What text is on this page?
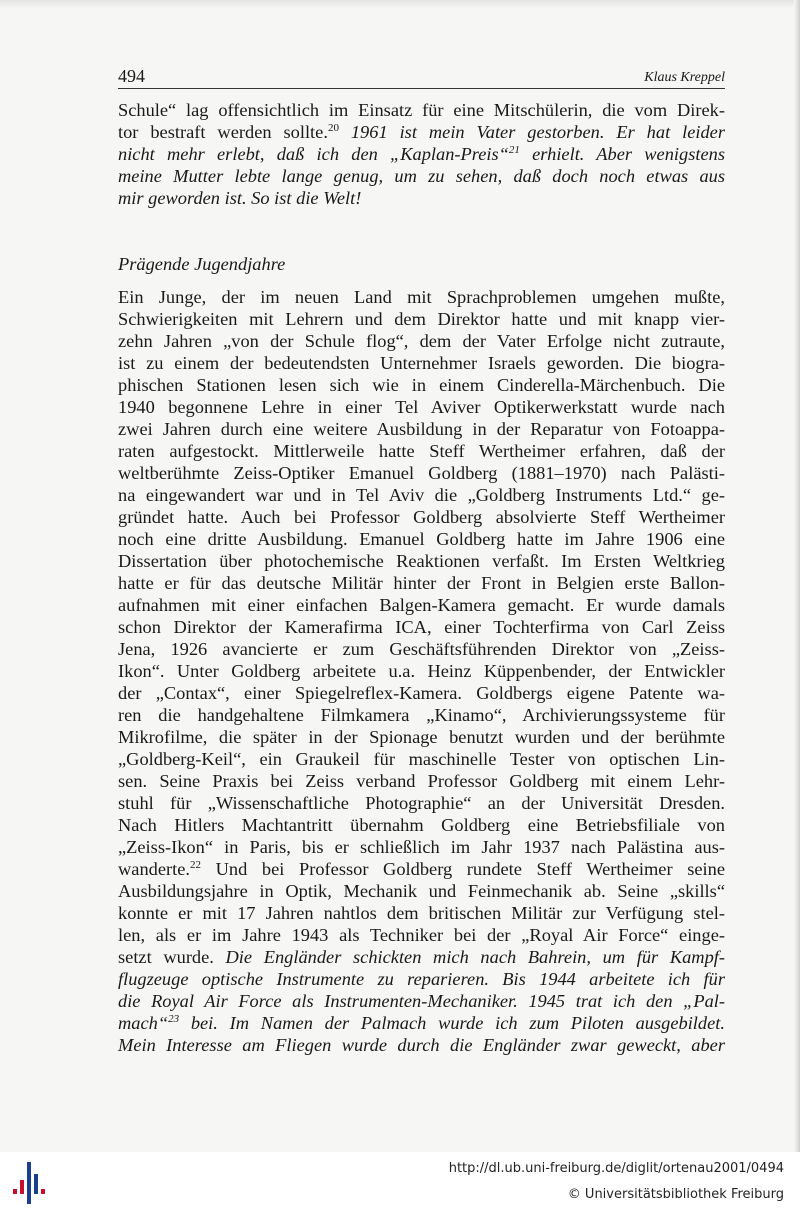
494	Klaus Kreppel
Schule“ lag offensichtlich im Einsatz für eine Mitschülerin, die vom Direk-
tor bestraft werden sollte.$^{20}$ 1961 ist mein Vater gestorben. Er hat leider
nicht mehr erlebt, daß ich den „Kaplan-Preis“$^{21}$ erhielt. Aber wenigstens
meine Mutter lebte lange genug, um zu sehen, daß doch noch etwas aus
mir geworden ist. So ist die Welt!
Prägende Jugendjahre
Ein Junge, der im neuen Land mit Sprachproblemen umgehen mußte,
Schwierigkeiten mit Lehrern und dem Direktor hatte und mit knapp vier-
zehn Jahren „von der Schule flog“, dem der Vater Erfolge nicht zutraute,
ist zu einem der bedeutendsten Unternehmer Israels geworden. Die biogra-
phischen Stationen lesen sich wie in einem Cinderella-Märchenbuch. Die
1940 begonnene Lehre in einer Tel Aviver Optikerwerkstatt wurde nach
zwei Jahren durch eine weitere Ausbildung in der Reparatur von Fotoappa-
raten aufgestockt. Mittlerweile hatte Steff Wertheimer erfahren, daß der
weltberühmte Zeiss-Optiker Emanuel Goldberg (1881–1970) nach Palästi-
na eingewandert war und in Tel Aviv die „Goldberg Instruments Ltd.“ ge-
gründet hatte. Auch bei Professor Goldberg absolvierte Steff Wertheimer
noch eine dritte Ausbildung. Emanuel Goldberg hatte im Jahre 1906 eine
Dissertation über photochemische Reaktionen verfaßt. Im Ersten Weltkrieg
hatte er für das deutsche Militär hinter der Front in Belgien erste Ballon-
aufnahmen mit einer einfachen Balgen-Kamera gemacht. Er wurde damals
schon Direktor der Kamerafirma ICA, einer Tochterfirma von Carl Zeiss
Jena, 1926 avancierte er zum Geschäftsführenden Direktor von „Zeiss-
Ikon“. Unter Goldberg arbeitete u.a. Heinz Küppenbender, der Entwickler
der „Contax“, einer Spiegelreflex-Kamera. Goldbergs eigene Patente wa-
ren die handgehaltene Filmkamera „Kinamo“, Archivierungssysteme für
Mikrofilme, die später in der Spionage benutzt wurden und der berühmte
„Goldberg-Keil“, ein Graukeil für maschinelle Tester von optischen Lin-
sen. Seine Praxis bei Zeiss verband Professor Goldberg mit einem Lehr-
stuhl für „Wissenschaftliche Photographie“ an der Universität Dresden.
Nach Hitlers Machtantritt übernahm Goldberg eine Betriebsfiliale von
„Zeiss-Ikon“ in Paris, bis er schließlich im Jahr 1937 nach Palästina aus-
wanderte.$^{22}$ Und bei Professor Goldberg rundete Steff Wertheimer seine
Ausbildungsjahre in Optik, Mechanik und Feinmechanik ab. Seine „skills“
konnte er mit 17 Jahren nahtlos dem britischen Militär zur Verfügung stel-
len, als er im Jahre 1943 als Techniker bei der „Royal Air Force“ einge-
setzt wurde. Die Engländer schickten mich nach Bahrein, um für Kampf-
flugzeuge optische Instrumente zu reparieren. Bis 1944 arbeitete ich für
die Royal Air Force als Instrumenten-Mechaniker. 1945 trat ich den „Pal-
mach“$^{23}$ bei. Im Namen der Palmach wurde ich zum Piloten ausgebildet.
Mein Interesse am Fliegen wurde durch die Engländer zwar geweckt, aber
http://dl.ub.uni-freiburg.de/diglit/ortenau2001/0494
© Universitätsbibliothek Freiburg
